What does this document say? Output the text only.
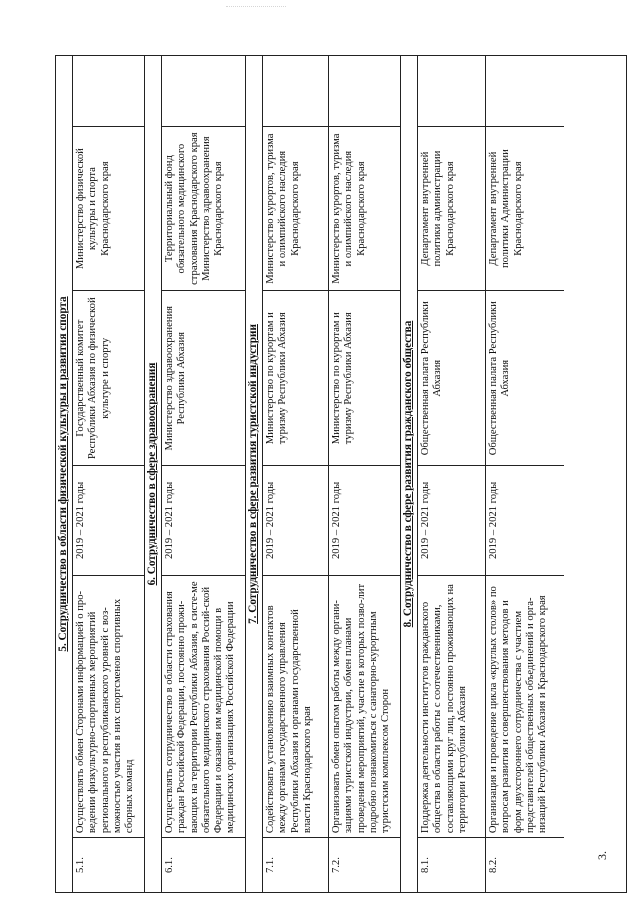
5. Сотрудничество в области физической культуры и развития спорта
5.1.
Осуществлять обмен Сторонами информацией о про-ведении физкультурно-спортивных мероприятий регионального и республиканского уровней с воз-можностью участия в них спортсменов спортивных сборных команд
2019 – 2021 годы
Государственный комитет Республики Абхазия по физической культуре и спорту
Министерство физической культуры и спорта Краснодарского края
6. Сотрудничество в сфере здравоохранения
6.1.
Осуществлять сотрудничество в области страхования граждан Российской Федерации, постоянно прожи-вающих на территории Республики Абхазия, в систе-ме обязательного медицинского страхования Россий-ской Федерации и оказания им медицинской помощи в медицинских организациях Российской Федерации
2019 – 2021 годы
Министерство здравоохранения Республики Абхазия
Территориальный фонд обязательного медицинского страхования Краснодарского края Министерство здравоохранения Краснодарского края
7. Сотрудничество в сфере развития туристской индустрии
7.1.
Содействовать установлению взаимных контактов между органами государственного управления Республики Абхазия и органами государственной власти Краснодарского края
2019 – 2021 годы
Министерство по курортам и туризму Республики Абхазия
Министерство курортов, туризма и олимпийского наследия Краснодарского края
7.2.
Организовать обмен опытом работы между органи-зациями туристской индустрии, обмен планами проведения мероприятий, участие в которых позво-лит подробно познакомиться с санаторно-курортным туристским комплексом Сторон
2019 – 2021 годы
Министерство по курортам и туризму Республики Абхазия
Министерство курортов, туризма и олимпийского наследия Краснодарского края
8. Сотрудничество в сфере развития гражданского общества
8.1.
Поддержка деятельности институтов гражданского общества в области работы с соотечественниками, составляющими круг лиц, постоянно проживающих на территории Республики Абхазия
2019 – 2021 годы
Общественная палата Республики Абхазия
Департамент внутренней политики администрации Краснодарского края
8.2.
Организация и проведение цикла «круглых столов» по вопросам развития и совершенствования методов и форм двухстороннего сотрудничества с участием представителей общественных объединений и орга-низаций Республики Абхазия и Краснодарского края
2019 – 2021 годы
Общественная палата Республики Абхазия
Департамент внутренней политики Администрации Краснодарского края
3.
